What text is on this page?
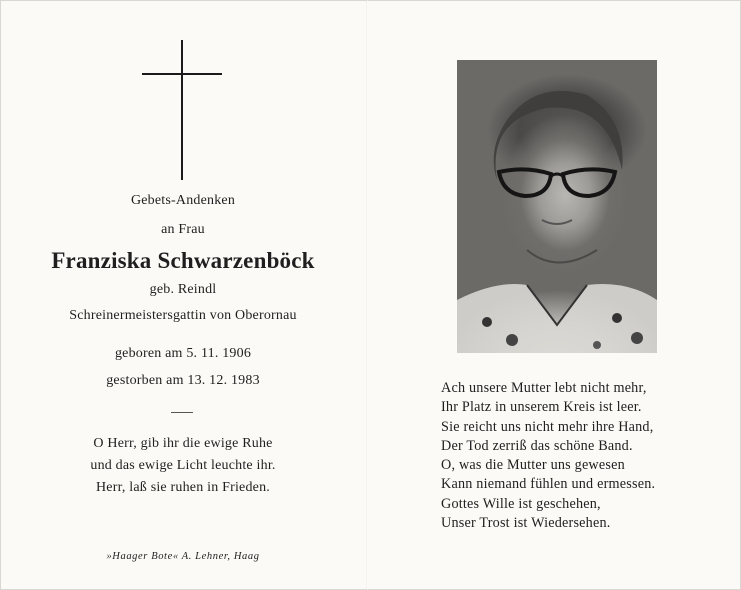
Gebets-Andenken
an Frau
Franziska Schwarzenböck
geb. Reindl
Schreinermeistersgattin von Oberornau
geboren am 5. 11. 1906
gestorben am 13. 12. 1983
O Herr, gib ihr die ewige Ruhe
und das ewige Licht leuchte ihr.
Herr, laß sie ruhen in Frieden.
»Haager Bote« A. Lehner, Haag
Ach unsere Mutter lebt nicht mehr,
Ihr Platz in unserem Kreis ist leer.
Sie reicht uns nicht mehr ihre Hand,
Der Tod zerriß das schöne Band.
O, was die Mutter uns gewesen
Kann niemand fühlen und ermessen.
Gottes Wille ist geschehen,
Unser Trost ist Wiedersehen.
